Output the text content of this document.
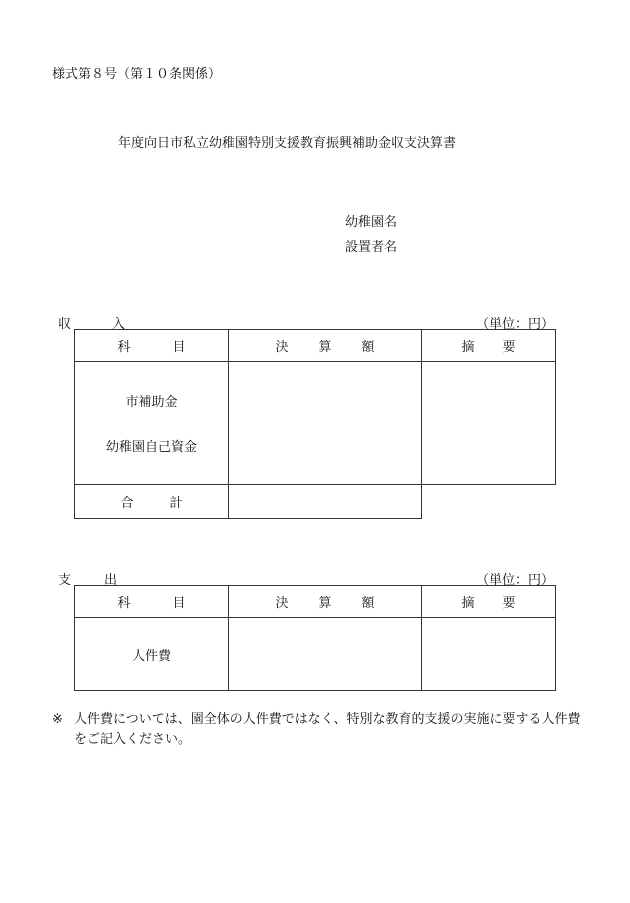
様式第８号（第１０条関係）
年度向日市私立幼稚園特別支援教育振興補助金収支決算書
幼稚園名
設置者名
収	入	（単位：円）
科 目	決 算 額	摘 要

市補助金
幼稚園自己資金		

合 計		
支	出	（単位：円）
科 目	決 算 額	摘 要

人件費		

※ 人件費については、園全体の人件費ではなく、特別な教育的支援の実施に要する人件費をご記入ください。
